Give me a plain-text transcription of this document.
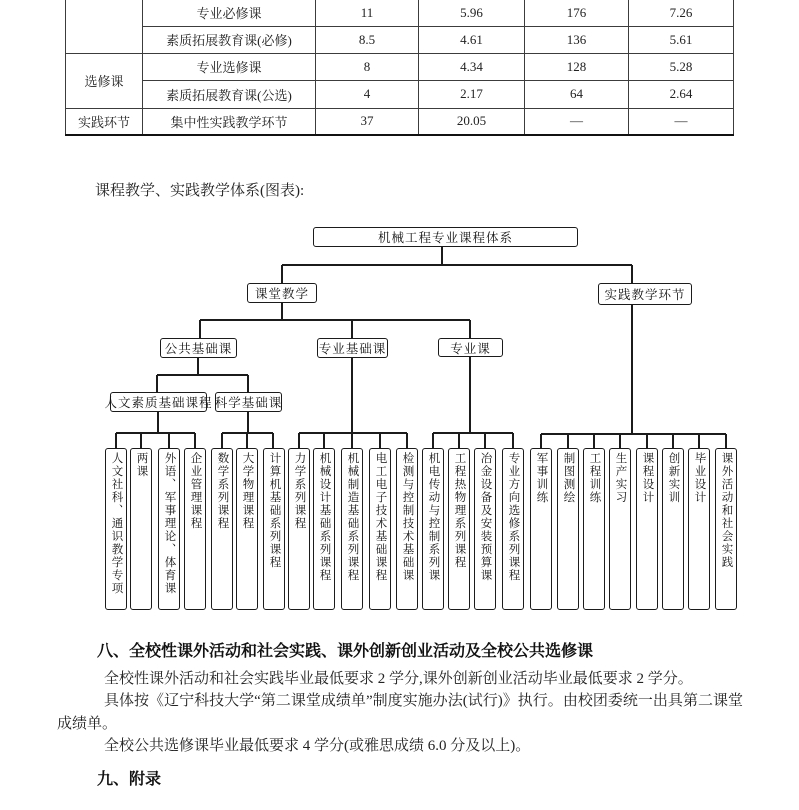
	专业必修课	11	5.96	176	7.26
	素质拓展教育课(必修)	8.5	4.61	136	5.61
选修课	专业选修课	8	4.34	128	5.28
	素质拓展教育课(公选)	4	2.17	64	2.64
实践环节	集中性实践教学环节	37	20.05	—	—
课程教学、实践教学体系(图表):
机械工程专业课程体系
课堂教学	实践教学环节
公共基础课	专业基础课	专业课
人文素质基础课程 科学基础课
人文社科、通识教学专项	两课	外语、军事理论、体育课	企业管理课程	数学系列课程	大学物理课程	计算机基础系列课程	力学系列课程	机械设计基础系列课程	机械制造基础系列课程	电工电子技术基础课程	检测与控制技术基础课	机电传动与控制系列课	工程热物理系列课程	冶金设备及安装预算课	专业方向选修系列课程	军事训练	制图测绘	工程训练	生产实习	课程设计	创新实训	毕业设计	课外活动和社会实践
八、全校性课外活动和社会实践、课外创新创业活动及全校公共选修课

全校性课外活动和社会实践毕业最低要求 2 学分,课外创新创业活动毕业最低要求 2 学分。

具体按《辽宁科技大学“第二课堂成绩单”制度实施办法(试行)》执行。由校团委统一出具第二课堂成绩单。

全校公共选修课毕业最低要求 4 学分(或雅思成绩 6.0 分及以上)。

九、附录
